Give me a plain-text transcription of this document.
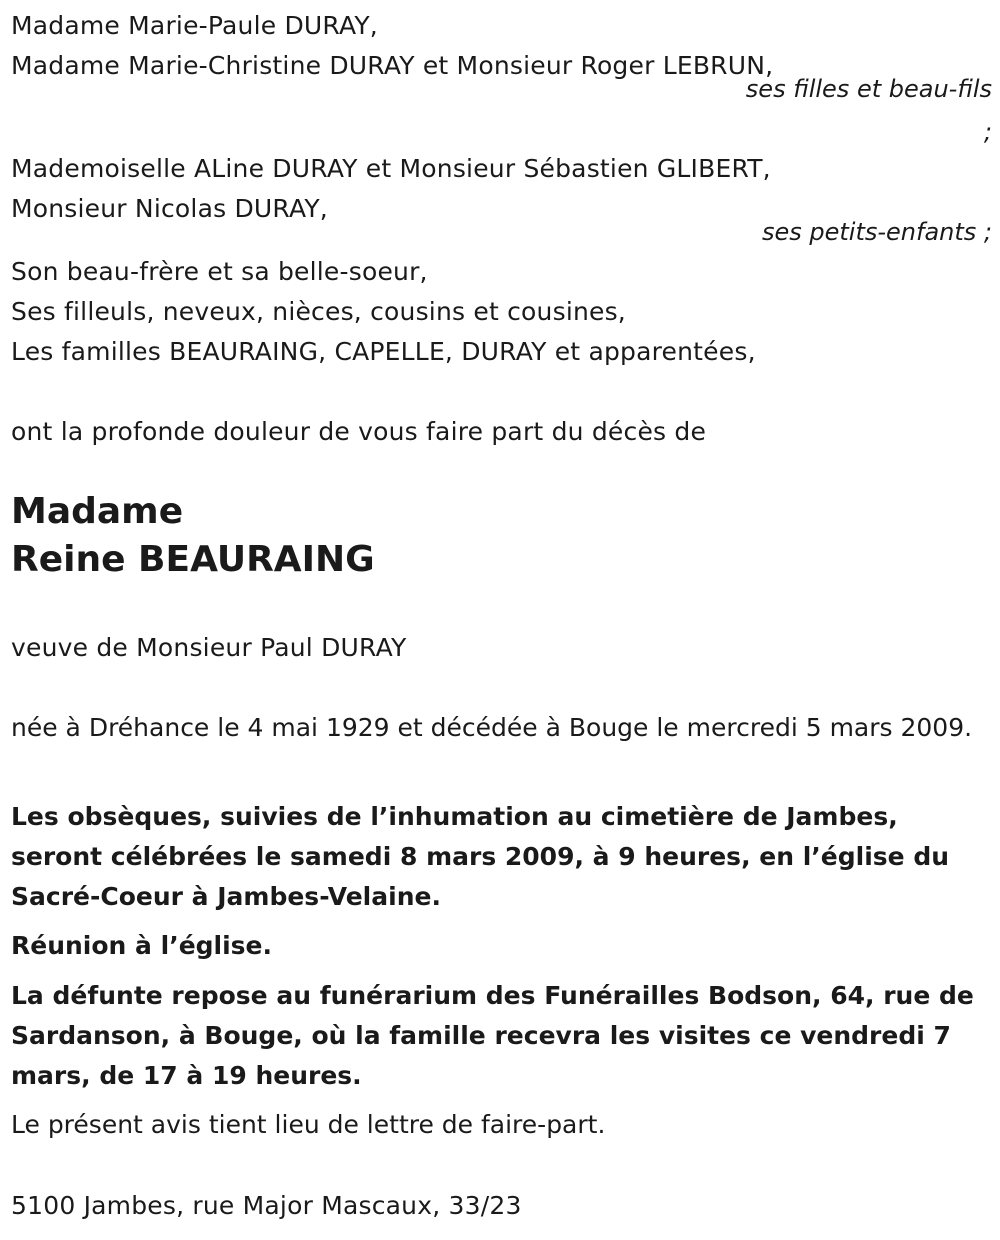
Madame Marie-Paule DURAY,
Madame Marie-Christine DURAY et Monsieur Roger LEBRUN,
ses filles et beau-fils
;
Mademoiselle ALine DURAY et Monsieur Sébastien GLIBERT,
Monsieur Nicolas DURAY,
ses petits-enfants ;
Son beau-frère et sa belle-soeur,
Ses filleuls, neveux, nièces, cousins et cousines,
Les familles BEAURAING, CAPELLE, DURAY et apparentées,
ont la profonde douleur de vous faire part du décès de
Madame
Reine BEAURAING
veuve de Monsieur Paul DURAY
née à Dréhance le 4 mai 1929 et décédée à Bouge le mercredi 5 mars 2009.
Les obsèques, suivies de l’inhumation au cimetière de Jambes, seront célébrées le samedi 8 mars 2009, à 9 heures, en l’église du Sacré-Coeur à Jambes-Velaine.
Réunion à l’église.
La défunte repose au funérarium des Funérailles Bodson, 64, rue de Sardanson, à Bouge, où la famille recevra les visites ce vendredi 7 mars, de 17 à 19 heures.
Le présent avis tient lieu de lettre de faire-part.
5100 Jambes, rue Major Mascaux, 33/23
